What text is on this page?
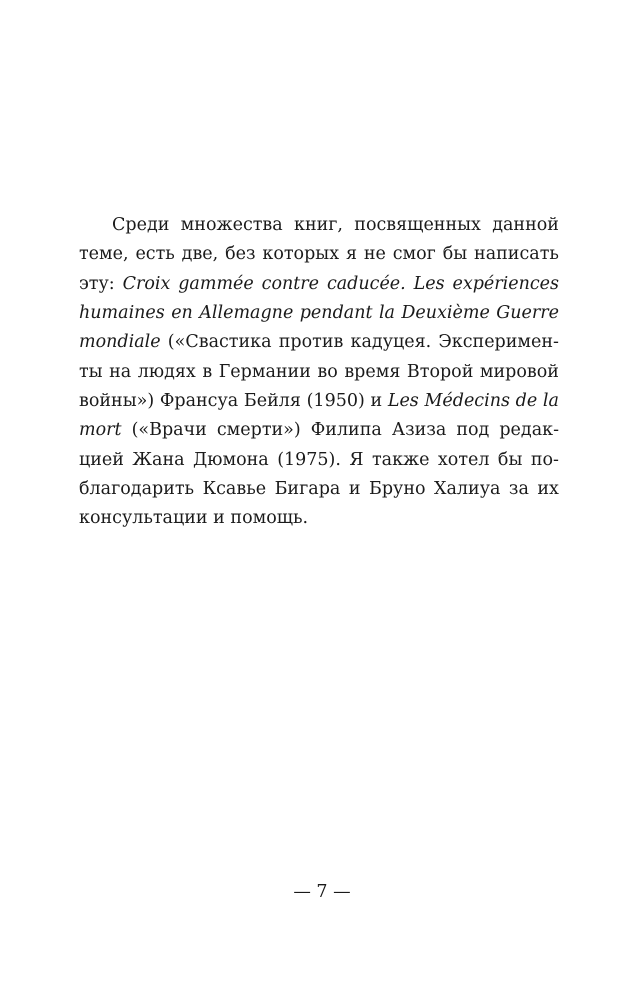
Среди множества книг, посвященных данной
теме, есть две, без которых я не смог бы написать
эту: Croix gammée contre caducée. Les expériences
humaines en Allemagne pendant la Deuxième Guerre
mondiale («Свастика против кадуцея. Эксперимен-
ты на людях в Германии во время Второй мировой
войны») Франсуа Бейля (1950) и Les Médecins de la
mort («Врачи смерти») Филипа Азиза под редак-
цией Жана Дюмона (1975). Я также хотел бы по-
благодарить Ксавье Бигара и Бруно Халиуа за их
консультации
и
помощь.
— 7 —
